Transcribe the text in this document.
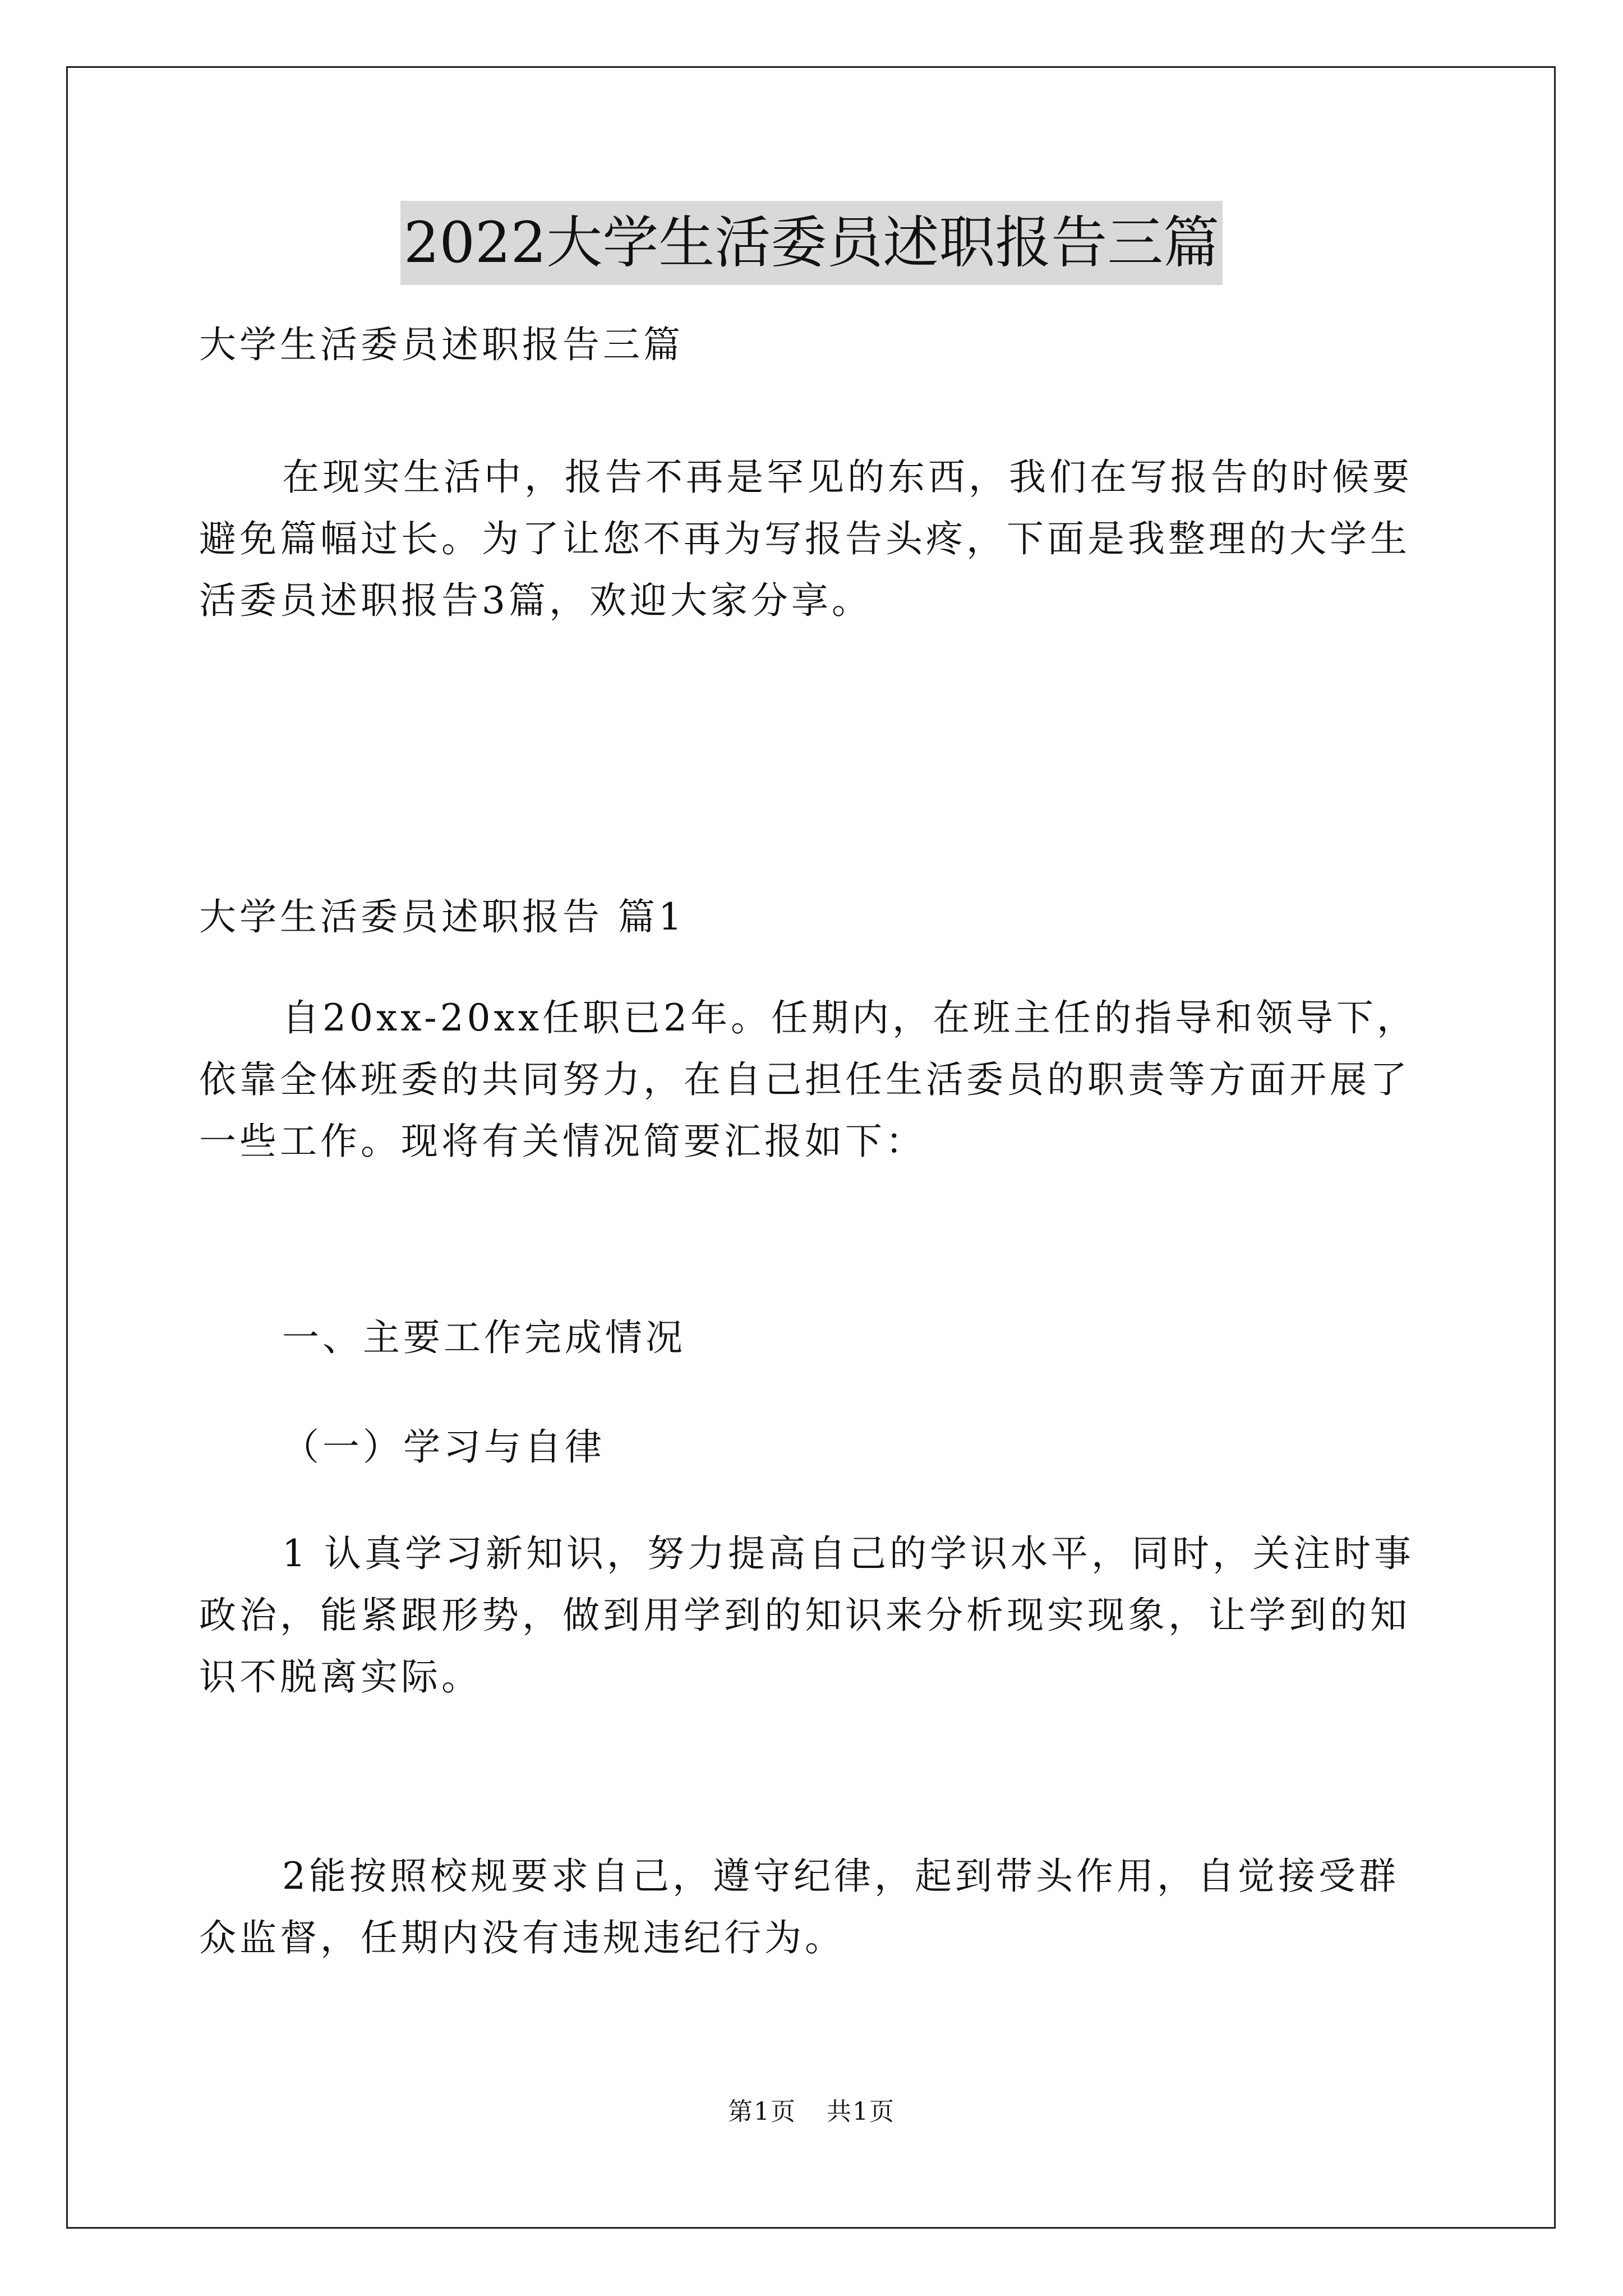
2022大学生活委员述职报告三篇

大学生活委员述职报告三篇

在现实生活中，报告不再是罕见的东西，我们在写报告的时候要避免篇幅过长。为了让您不再为写报告头疼，下面是我整理的大学生活委员述职报告3篇，欢迎大家分享。

大学生活委员述职报告 篇1

自20xx-20xx任职已2年。任期内，在班主任的指导和领导下，依靠全体班委的共同努力，在自己担任生活委员的职责等方面开展了一些工作。现将有关情况简要汇报如下：

一、主要工作完成情况

（一）学习与自律

1 认真学习新知识，努力提高自己的学识水平，同时，关注时事政治，能紧跟形势，做到用学到的知识来分析现实现象，让学到的知识不脱离实际。

2能按照校规要求自己，遵守纪律，起到带头作用，自觉接受群众监督，任期内没有违规违纪行为。

第1页 共1页
